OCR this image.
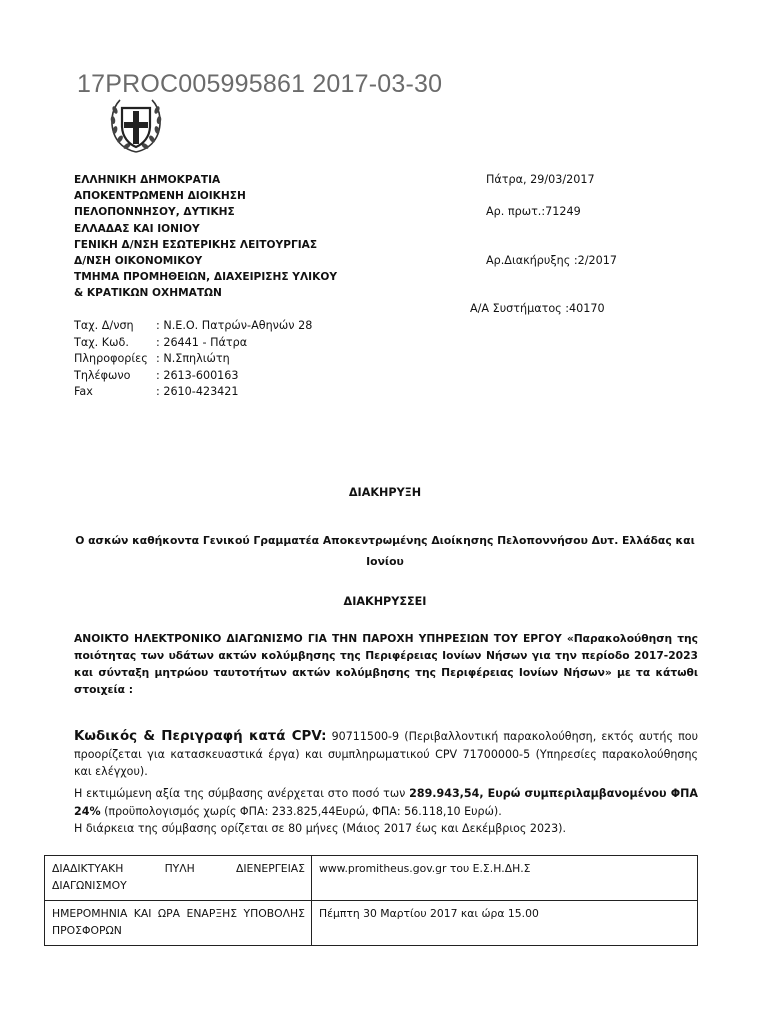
17PROC005995861 2017-03-30
ΕΛΛΗΝΙΚΗ ΔΗΜΟΚΡΑΤΙΑ
ΑΠΟΚΕΝΤΡΩΜΕΝΗ ΔΙΟΙΚΗΣΗ
ΠΕΛΟΠΟΝΝΗΣΟΥ, ΔΥΤΙΚΗΣ
ΕΛΛΑΔΑΣ ΚΑΙ ΙΟΝΙΟΥ
ΓΕΝΙΚΗ Δ/ΝΣΗ ΕΣΩΤΕΡΙΚΗΣ ΛΕΙΤΟΥΡΓΙΑΣ
Δ/ΝΣΗ ΟΙΚΟΝΟΜΙΚΟΥ
ΤΜΗΜΑ ΠΡΟΜΗΘΕΙΩΝ, ΔΙΑΧΕΙΡΙΣΗΣ ΥΛΙΚΟΥ
& ΚΡΑΤΙΚΩΝ ΟΧΗΜΑΤΩΝ
Πάτρα, 29/03/2017
Αρ. πρωτ.:71249
Αρ.Διακήρυξης :2/2017
Α/Α Συστήματος :40170
Ταχ. Δ/νση	: Ν.Ε.Ο. Πατρών-Αθηνών 28
Ταχ. Κωδ.	: 26441 - Πάτρα
Πληροφορίες : Ν.Σπηλιώτη
Τηλέφωνο	: 2613-600163
Fax	: 2610-423421
ΔΙΑΚΗΡΥΞΗ
Ο ασκών καθήκοντα Γενικού Γραμματέα Αποκεντρωμένης Διοίκησης Πελοποννήσου Δυτ. Ελλάδας και Ιονίου
ΔΙΑΚΗΡΥΣΣΕΙ
ΑΝΟΙΚΤΟ ΗΛΕΚΤΡΟΝΙΚΟ ΔΙΑΓΩΝΙΣΜΟ ΓΙΑ ΤΗΝ ΠΑΡΟΧΗ ΥΠΗΡΕΣΙΩΝ ΤΟΥ ΕΡΓΟΥ «Παρακολούθηση της ποιότητας των υδάτων ακτών κολύμβησης της Περιφέρειας Ιονίων Νήσων για την περίοδο 2017-2023 και σύνταξη μητρώου ταυτοτήτων ακτών κολύμβησης της Περιφέρειας Ιονίων Νήσων» με τα κάτωθι στοιχεία :
Κωδικός & Περιγραφή κατά CPV: 90711500-9 (Περιβαλλοντική παρακολούθηση, εκτός αυτής που προορίζεται για κατασκευαστικά έργα) και συμπληρωματικού CPV 71700000-5 (Υπηρεσίες παρακολούθησης και ελέγχου).
Η εκτιμώμενη αξία της σύμβασης ανέρχεται στο ποσό των 289.943,54, Ευρώ συμπεριλαμβανομένου ΦΠΑ 24% (προϋπολογισμός χωρίς ΦΠΑ: 233.825,44Ευρώ, ΦΠΑ: 56.118,10 Ευρώ).
Η διάρκεια της σύμβασης ορίζεται σε 80 μήνες (Μάιος 2017 έως και Δεκέμβριος 2023).
ΔΙΑΔΙΚΤΥΑΚΗ ΠΥΛΗ ΔΙΕΝΕΡΓΕΙΑΣ ΔΙΑΓΩΝΙΣΜΟΥ	www.promitheus.gov.gr του Ε.Σ.Η.ΔΗ.Σ
ΗΜΕΡΟΜΗΝΙΑ ΚΑΙ ΩΡΑ ΕΝΑΡΞΗΣ ΥΠΟΒΟΛΗΣ ΠΡΟΣΦΟΡΩΝ	Πέμπτη 30 Μαρτίου 2017 και ώρα 15.00
